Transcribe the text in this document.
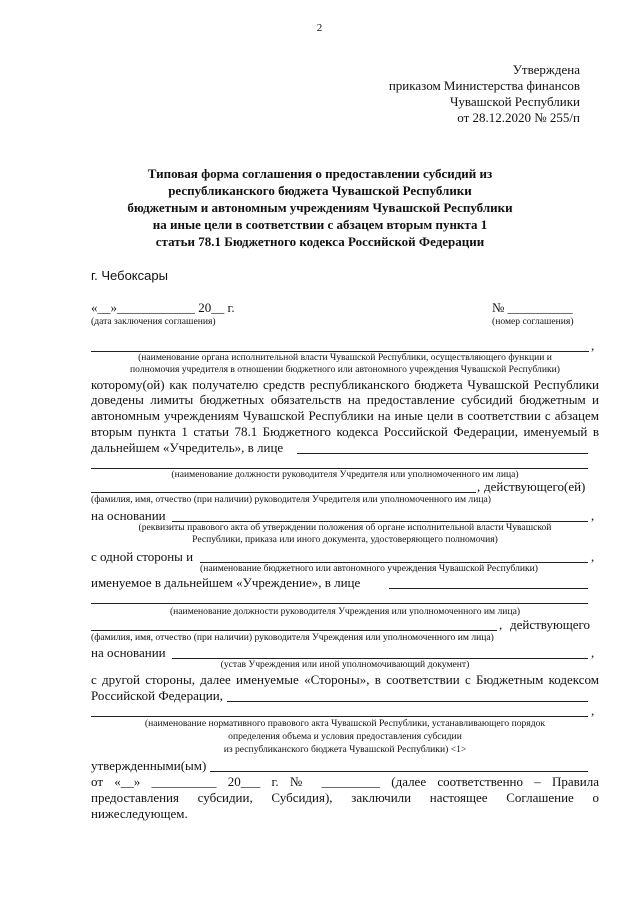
2
Утверждена
приказом Министерства финансов
Чувашской Республики
от 28.12.2020 № 255/п
Типовая форма соглашения о предоставлении субсидий из
республиканского бюджета Чувашской Республики
бюджетным и автономным учреждениям Чувашской Республики
на иные цели в соответствии с абзацем вторым пункта 1
статьи 78.1 Бюджетного кодекса Российской Федерации
г. Чебоксары
«__»____________ 20__ г.
(дата заключения соглашения)
№ __________
(номер соглашения)
,
(наименование органа исполнительной власти Чувашской Республики, осуществляющего функции и
полномочия учредителя в отношении бюджетного или автономного учреждения Чувашской Республики)
которому(ой) как получателю средств республиканского бюджета Чувашской Республики
доведены лимиты бюджетных обязательств на предоставление субсидий бюджетным и
автономным учреждениям Чувашской Республики на иные цели в соответствии с абзацем
вторым пункта 1 статьи 78.1 Бюджетного кодекса Российской Федерации, именуемый в
дальнейшем «Учредитель», в лице
(наименование должности руководителя Учредителя или уполномоченного им лица)
, действующего(ей)
(фамилия, имя, отчество (при наличии) руководителя Учредителя или уполномоченного им лица)
на основании	,
(реквизиты правового акта об утверждении положения об органе исполнительной власти Чувашской
Республики, приказа или иного документа, удостоверяющего полномочия)
с одной стороны и	,
(наименование бюджетного или автономного учреждения Чувашской Республики)
именуемое в дальнейшем «Учреждение», в лице
(наименование должности руководителя Учреждения или уполномоченного им лица)
, действующего
(фамилия, имя, отчество (при наличии) руководителя Учреждения или уполномоченного им лица)
на основании	,
(устав Учреждения или иной уполномочивающий документ)
с другой стороны, далее именуемые «Стороны», в соответствии с Бюджетным кодексом
Российской Федерации,
,
(наименование нормативного правового акта Чувашской Республики, устанавливающего порядок
определения объема и условия предоставления субсидии
из республиканского бюджета Чувашской Республики) <1>
утвержденными(ым)
от «__» __________ 20___ г. № _________ (далее соответственно – Правила
предоставления субсидии, Субсидия), заключили настоящее Соглашение о
нижеследующем.
